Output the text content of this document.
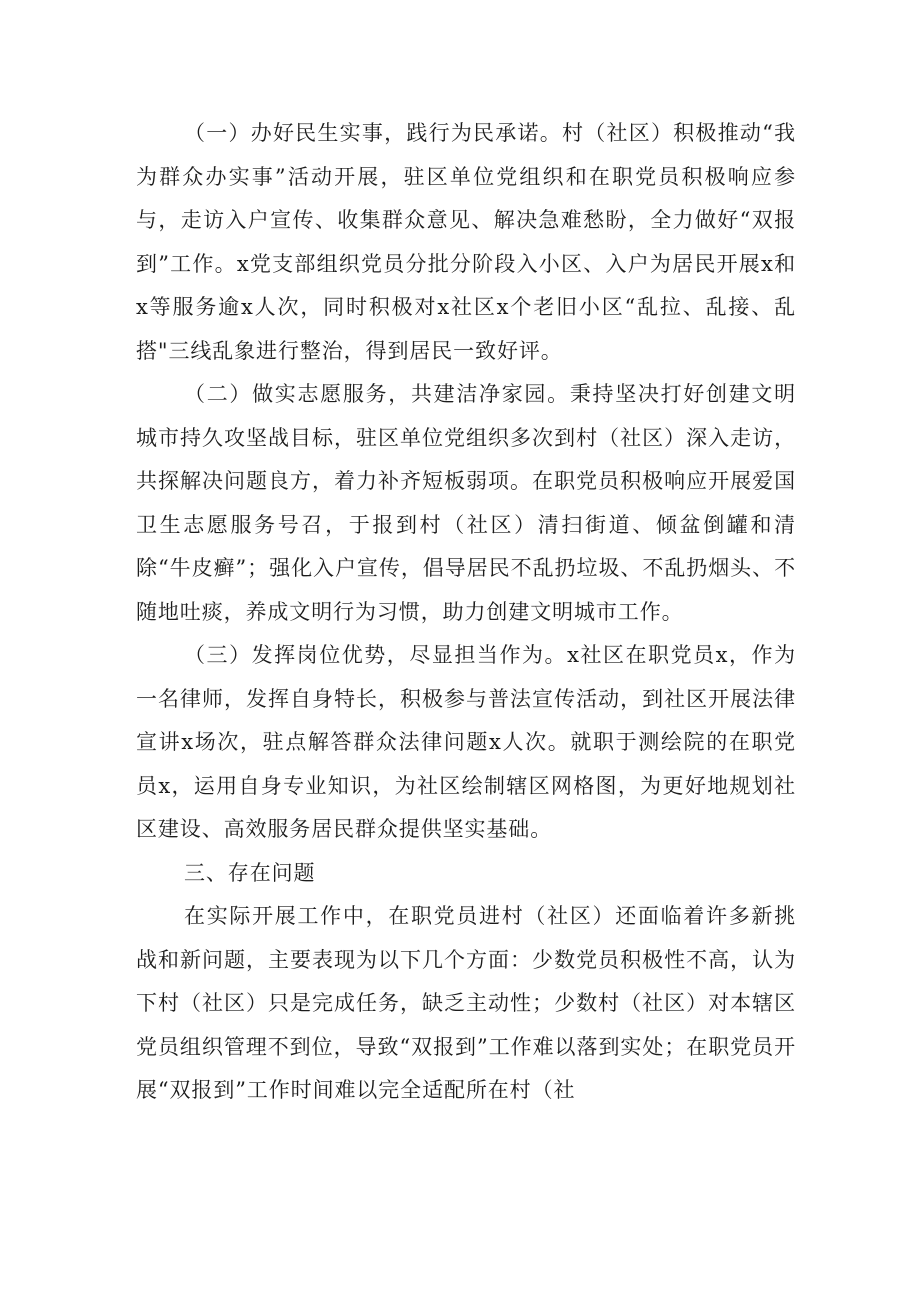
（一）办好民生实事，践行为民承诺。村（社区）积极推动“我为群众办实事”活动开展，驻区单位党组织和在职党员积极响应参与，走访入户宣传、收集群众意见、解决急难愁盼，全力做好“双报到”工作。x党支部组织党员分批分阶段入小区、入户为居民开展x和x等服务逾x人次，同时积极对x社区x个老旧小区“乱拉、乱接、乱搭"三线乱象进行整治，得到居民一致好评。

（二）做实志愿服务，共建洁净家园。秉持坚决打好创建文明城市持久攻坚战目标，驻区单位党组织多次到村（社区）深入走访，共探解决问题良方，着力补齐短板弱项。在职党员积极响应开展爱国卫生志愿服务号召，于报到村（社区）清扫街道、倾盆倒罐和清除“牛皮癣”；强化入户宣传，倡导居民不乱扔垃圾、不乱扔烟头、不随地吐痰，养成文明行为习惯，助力创建文明城市工作。

（三）发挥岗位优势，尽显担当作为。x社区在职党员x，作为一名律师，发挥自身特长，积极参与普法宣传活动，到社区开展法律宣讲x场次，驻点解答群众法律问题x人次。就职于测绘院的在职党员x，运用自身专业知识，为社区绘制辖区网格图，为更好地规划社区建设、高效服务居民群众提供坚实基础。

三、存在问题

在实际开展工作中，在职党员进村（社区）还面临着许多新挑战和新问题，主要表现为以下几个方面：少数党员积极性不高，认为下村（社区）只是完成任务，缺乏主动性；少数村（社区）对本辖区党员组织管理不到位，导致“双报到”工作难以落到实处；在职党员开展“双报到”工作时间难以完全适配所在村（社
